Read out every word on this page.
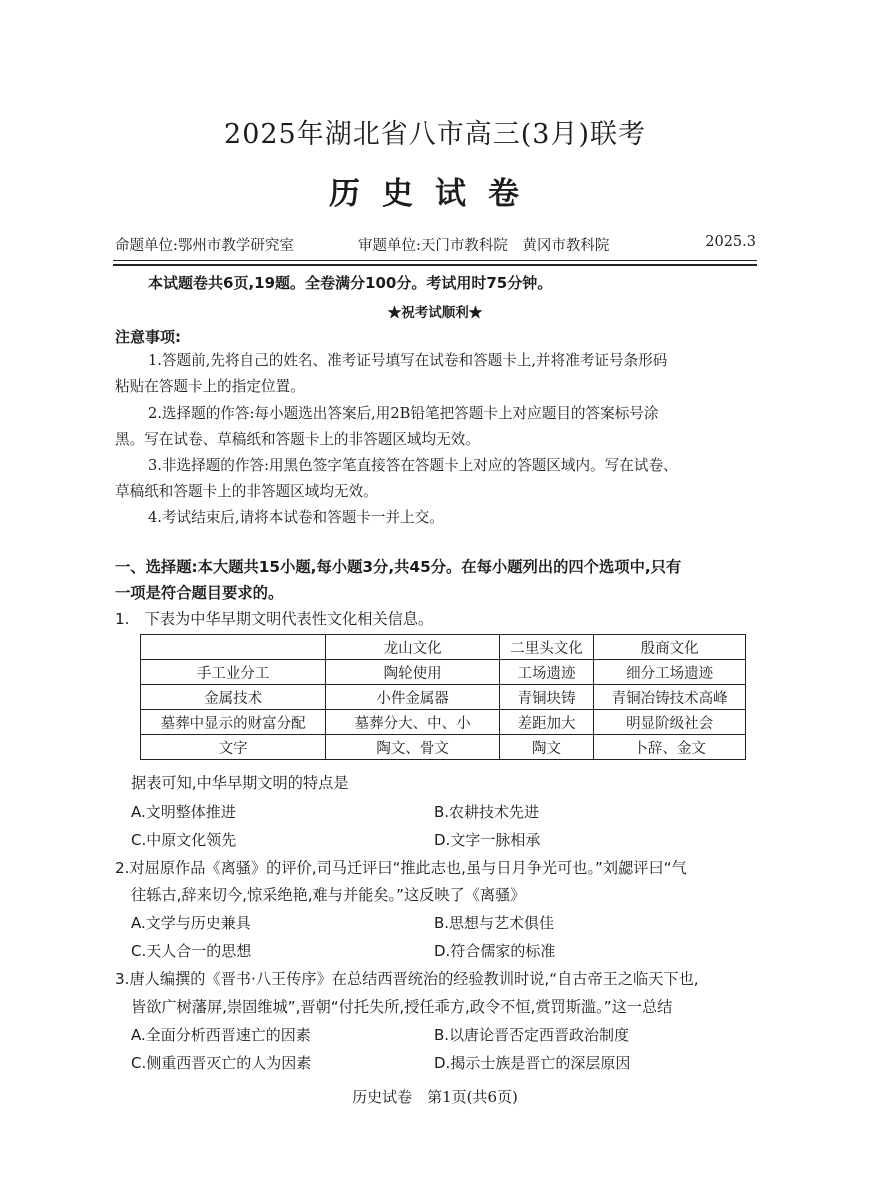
2025年湖北省八市高三(3月)联考
历史试卷
命题单位:鄂州市教学研究室	审题单位:天门市教科院　黄冈市教科院	2025.3
本试题卷共6页,19题。全卷满分100分。考试用时75分钟。
★祝考试顺利★
注意事项:
1.答题前,先将自己的姓名、准考证号填写在试卷和答题卡上,并将准考证号条形码
粘贴在答题卡上的指定位置。
2.选择题的作答:每小题选出答案后,用2B铅笔把答题卡上对应题目的答案标号涂
黑。写在试卷、草稿纸和答题卡上的非答题区域均无效。
3.非选择题的作答:用黑色签字笔直接答在答题卡上对应的答题区域内。写在试卷、
草稿纸和答题卡上的非答题区域均无效。
4.考试结束后,请将本试卷和答题卡一并上交。
一、选择题:本大题共15小题,每小题3分,共45分。在每小题列出的四个选项中,只有
一项是符合题目要求的。
1.　下表为中华早期文明代表性文化相关信息。
	龙山文化	二里头文化	殷商文化
手工业分工	陶轮使用	工场遗迹	细分工场遗迹
金属技术	小件金属器	青铜块铸	青铜冶铸技术高峰
墓葬中显示的财富分配	墓葬分大、中、小	差距加大	明显阶级社会
文字	陶文、骨文	陶文	卜辞、金文
据表可知,中华早期文明的特点是
A.文明整体推进	B.农耕技术先进
C.中原文化领先	D.文字一脉相承
2.对屈原作品《离骚》的评价,司马迁评曰“推此志也,虽与日月争光可也。”刘勰评曰“气
往轹古,辞来切今,惊采绝艳,难与并能矣。”这反映了《离骚》
A.文学与历史兼具	B.思想与艺术俱佳
C.天人合一的思想	D.符合儒家的标准
3.唐人编撰的《晋书·八王传序》在总结西晋统治的经验教训时说,“自古帝王之临天下也,
皆欲广树藩屏,崇固维城”,晋朝“付托失所,授任乖方,政令不恒,赏罚斯滥。”这一总结
A.全面分析西晋速亡的因素	B.以唐论晋否定西晋政治制度
C.侧重西晋灭亡的人为因素	D.揭示士族是晋亡的深层原因
历史试卷　第1页(共6页)
